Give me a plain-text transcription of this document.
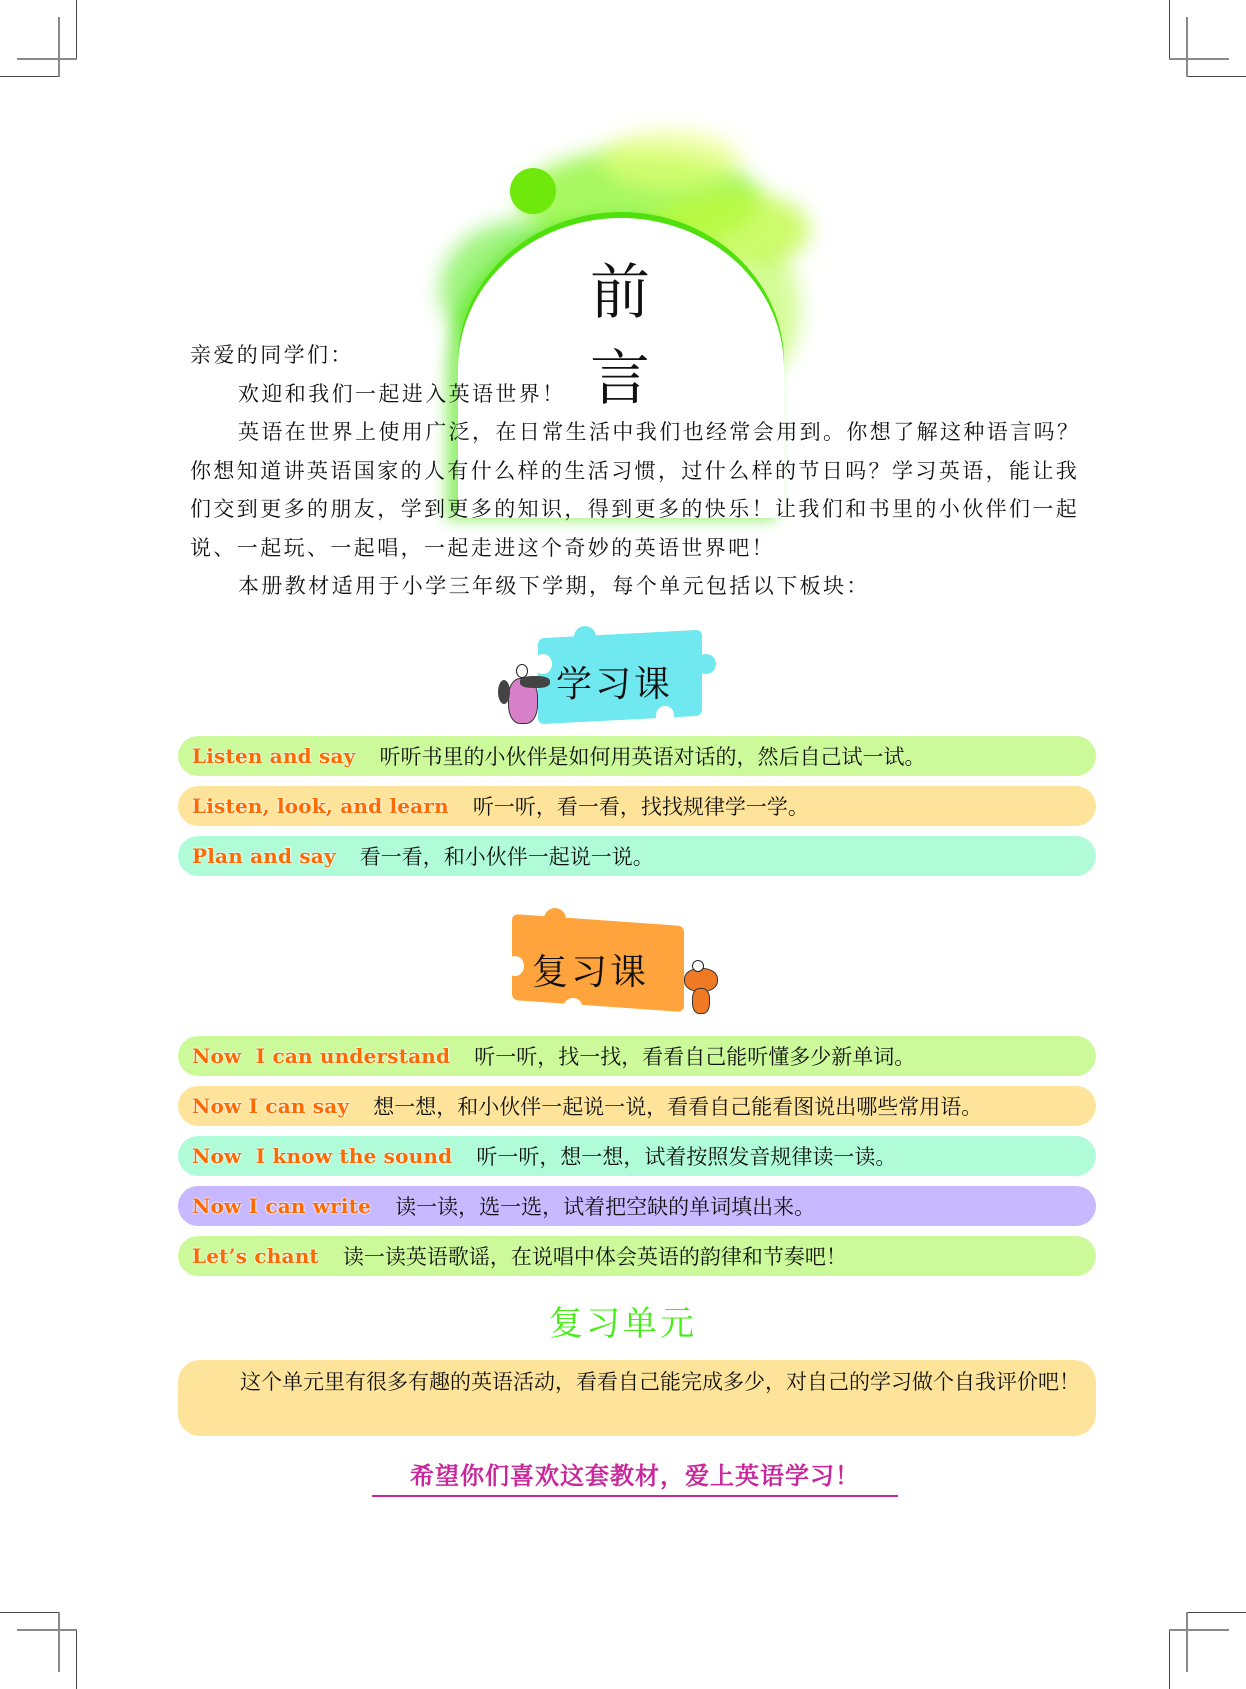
前 言

亲爱的同学们：

欢迎和我们一起进入英语世界！

英语在世界上使用广泛，在日常生活中我们也经常会用到。你想了解这种语言吗？你想知道讲英语国家的人有什么样的生活习惯，过什么样的节日吗？学习英语，能让我们交到更多的朋友，学到更多的知识，得到更多的快乐！让我们和书里的小伙伴们一起说、一起玩、一起唱，一起走进这个奇妙的英语世界吧！

本册教材适用于小学三年级下学期，每个单元包括以下板块：

学习课
Listen and say 听听书里的小伙伴是如何用英语对话的，然后自己试一试。
Listen, look, and learn 听一听，看一看，找找规律学一学。
Plan and say 看一看，和小伙伴一起说一说。
复习课
Now  I can understand 听一听，找一找，看看自己能听懂多少新单词。
Now I can say 想一想，和小伙伴一起说一说，看看自己能看图说出哪些常用语。
Now  I know the sound 听一听，想一想，试着按照发音规律读一读。
Now I can write 读一读，选一选，试着把空缺的单词填出来。
Let’s chant 读一读英语歌谣，在说唱中体会英语的韵律和节奏吧！
复习单元

这个单元里有很多有趣的英语活动，看看自己能完成多少，对自己的学习做个自我评价吧！

希望你们喜欢这套教材，爱上英语学习！
